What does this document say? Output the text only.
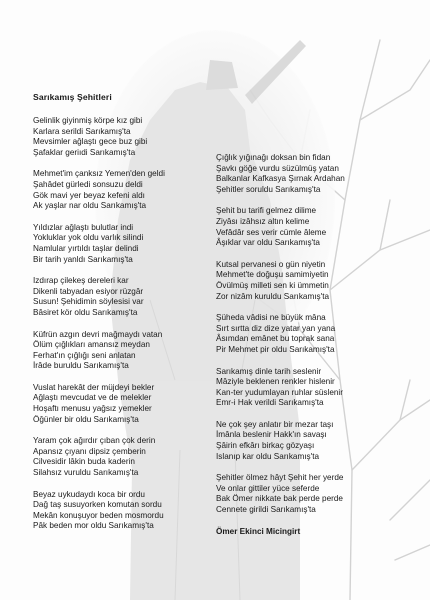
Sarıkamış Şehitleri
Gelinlik giyinmiş körpe kız gibi
Karlara serildi Sarıkamış'ta
Mevsimler ağlaştı gece buz gibi
Şafaklar geriıdi Sarıkamış'ta
Mehmet'im çanksız Yemen'den geldi
Şahâdet gürledi sonsuzu deldi
Gök mavi yer beyaz kefeni aldı
Ak yaşlar nar oldu Sarıkamış'ta
Yıldızlar ağlaştı bulutlar indi
Yokluklar yok oldu varlık silindi
Namlular yırtıldı taşlar delindi
Bir tarih yanldı Sarıkamış'ta
Izdırap çilekeş dereleri kar
Dikenli tabyadan esiyor rüzgâr
Susun! Şehidimin söylesisi var
Bâsiret kör oldu Sarıkamış'ta
Küfrün azgın devri mağmaydı vatan
Ölüm çığlıkları amansız meydan
Ferhat'ın çığlığı seni anlatan
İrâde buruldu Sarıkamış'ta
Vuslat harekât der müjdeyi bekler
Ağlaştı mevcudat ve de melekler
Hoşaftı menusu yağsız yemekler
Öğünler bir oldu Sarıkamış'ta
Yaram çok ağırdır çıban çok derin
Apansız çıyanı dipsiz çemberin
Cilvesidir lâkin buda kaderin
Silahsız vuruldu Sarıkamış'ta
Beyaz uykudaydı koca bir ordu
Dağ taş susuyorken komutan sordu
Mekân konuşuyor beden mosmordu
Pâk beden mor oldu Sarıkamış'ta
Çığlık yığınağı doksan bin fidan
Şavkı göğe vurdu süzülmüş yatan
Balkanlar Kafkasya Şırnak Ardahan
Şehitler soruldu Sarıkamış'ta
Şehit bu tarifi gelmez dilime
Ziyâsı izâhsız altın kelime
Vefâdâr ses verir cümle âleme
Âşıklar var oldu Sarıkamış'ta
Kutsal pervanesi o gün niyetin
Mehmet'te doğuşu samimiyetin
Övülmüş milleti sen ki ümmetin
Zor nizâm kuruldu Sarıkamış'ta
Şüheda vâdisi ne büyük mâna
Sırt sırtta diz dize yatar yan yana
Âsımdan emânet bu toprak sana
Pir Mehmet pir oldu Sarıkamış'ta
Sarıkamış dinle tarih seslenir
Mâziyle beklenen renkler hislenir
Kan-ter yudumlayan ruhlar süslenir
Emr-i Hak verildi Sarıkamış'ta
Ne çok şey anlatır bir mezar taşı
İmânla beslenir Hakk'ın savaşı
Şâirin efkârı birkaç gözyaşı
Islanıp kar oldu Sarıkamış'ta
Şehitler ölmez hâyt Şehit her yerde
Ve onlar gittiler yüce seferde
Bak Ömer nikkate bak perde perde
Cennete girildi Sarıkamış'ta
Ömer Ekinci Micingirt
